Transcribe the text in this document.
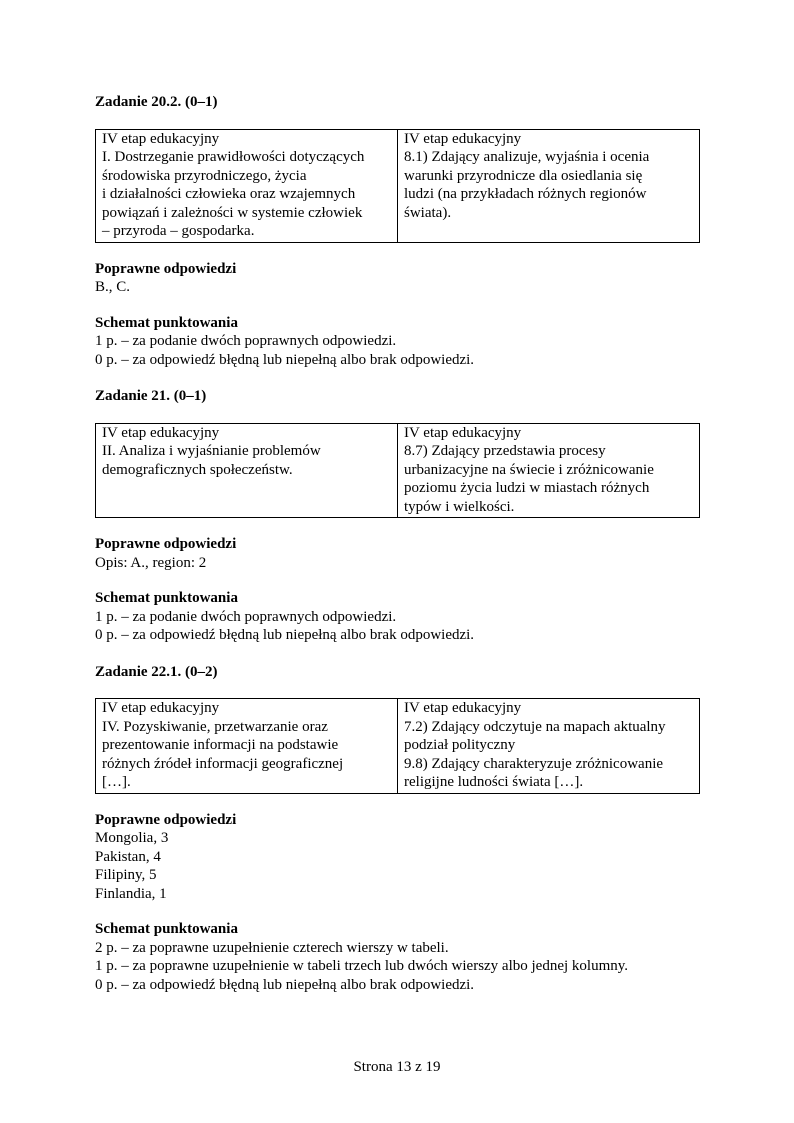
Zadanie 20.2. (0–1)

IV etap edukacyjny
I. Dostrzeganie prawidłowości dotyczących
środowiska przyrodniczego, życia
i działalności człowieka oraz wzajemnych
powiązań i zależności w systemie człowiek
– przyroda – gospodarka.

IV etap edukacyjny
8.1) Zdający analizuje, wyjaśnia i ocenia
warunki przyrodnicze dla osiedlania się
ludzi (na przykładach różnych regionów
świata).

Poprawne odpowiedzi

B., C.

Schemat punktowania

1 p. – za podanie dwóch poprawnych odpowiedzi.

0 p. – za odpowiedź błędną lub niepełną albo brak odpowiedzi.

Zadanie 21. (0–1)

IV etap edukacyjny
II. Analiza i wyjaśnianie problemów
demograficznych społeczeństw.

IV etap edukacyjny
8.7) Zdający przedstawia procesy
urbanizacyjne na świecie i zróżnicowanie
poziomu życia ludzi w miastach różnych
typów i wielkości.

Poprawne odpowiedzi

Opis: A., region: 2

Schemat punktowania

1 p. – za podanie dwóch poprawnych odpowiedzi.

0 p. – za odpowiedź błędną lub niepełną albo brak odpowiedzi.

Zadanie 22.1. (0–2)

IV etap edukacyjny
IV. Pozyskiwanie, przetwarzanie oraz
prezentowanie informacji na podstawie
różnych źródeł informacji geograficznej
[…].

IV etap edukacyjny
7.2) Zdający odczytuje na mapach aktualny
podział polityczny
9.8) Zdający charakteryzuje zróżnicowanie
religijne ludności świata […].

Poprawne odpowiedzi

Mongolia, 3

Pakistan, 4

Filipiny, 5

Finlandia, 1

Schemat punktowania

2 p. – za poprawne uzupełnienie czterech wierszy w tabeli.

1 p. – za poprawne uzupełnienie w tabeli trzech lub dwóch wierszy albo jednej kolumny.

0 p. – za odpowiedź błędną lub niepełną albo brak odpowiedzi.

Strona 13 z 19
